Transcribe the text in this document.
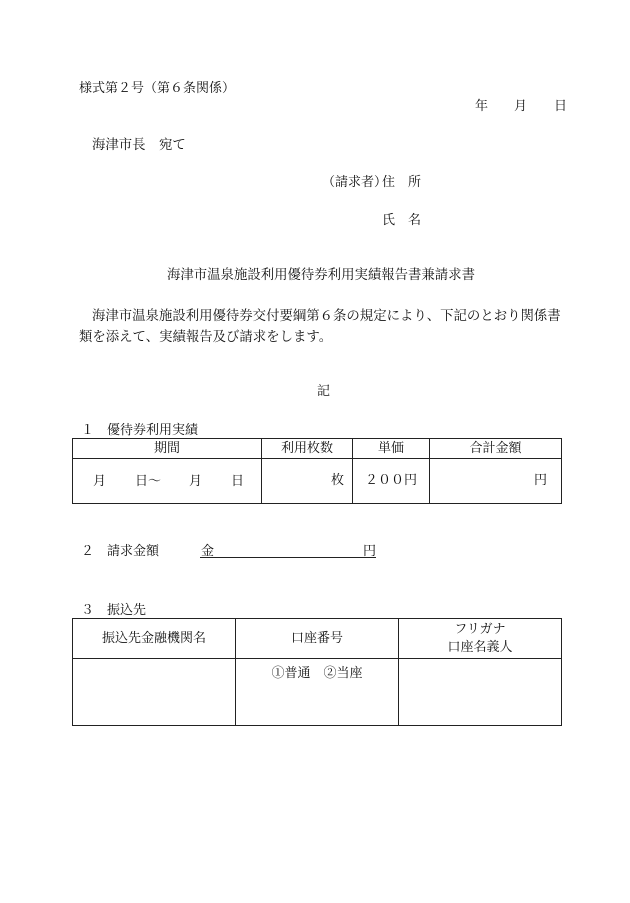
様式第２号（第６条関係）
年 月 日
海津市長　宛て
（請求者）
住　所
氏　名
海津市温泉施設利用優待券利用実績報告書兼請求書
海津市温泉施設利用優待券交付要綱第６条の規定により、下記のとおり関係書類を添えて、実績報告及び請求をします。
記
１　優待券利用実績
期間	利用枚数	単価	合計金額

月 日〜 月 日	枚	２００円	円
２　請求金額	金	円
３　振込先
振込先金融機関名	口座番号	フリガナ
口座名義人

	①普通　②当座	
